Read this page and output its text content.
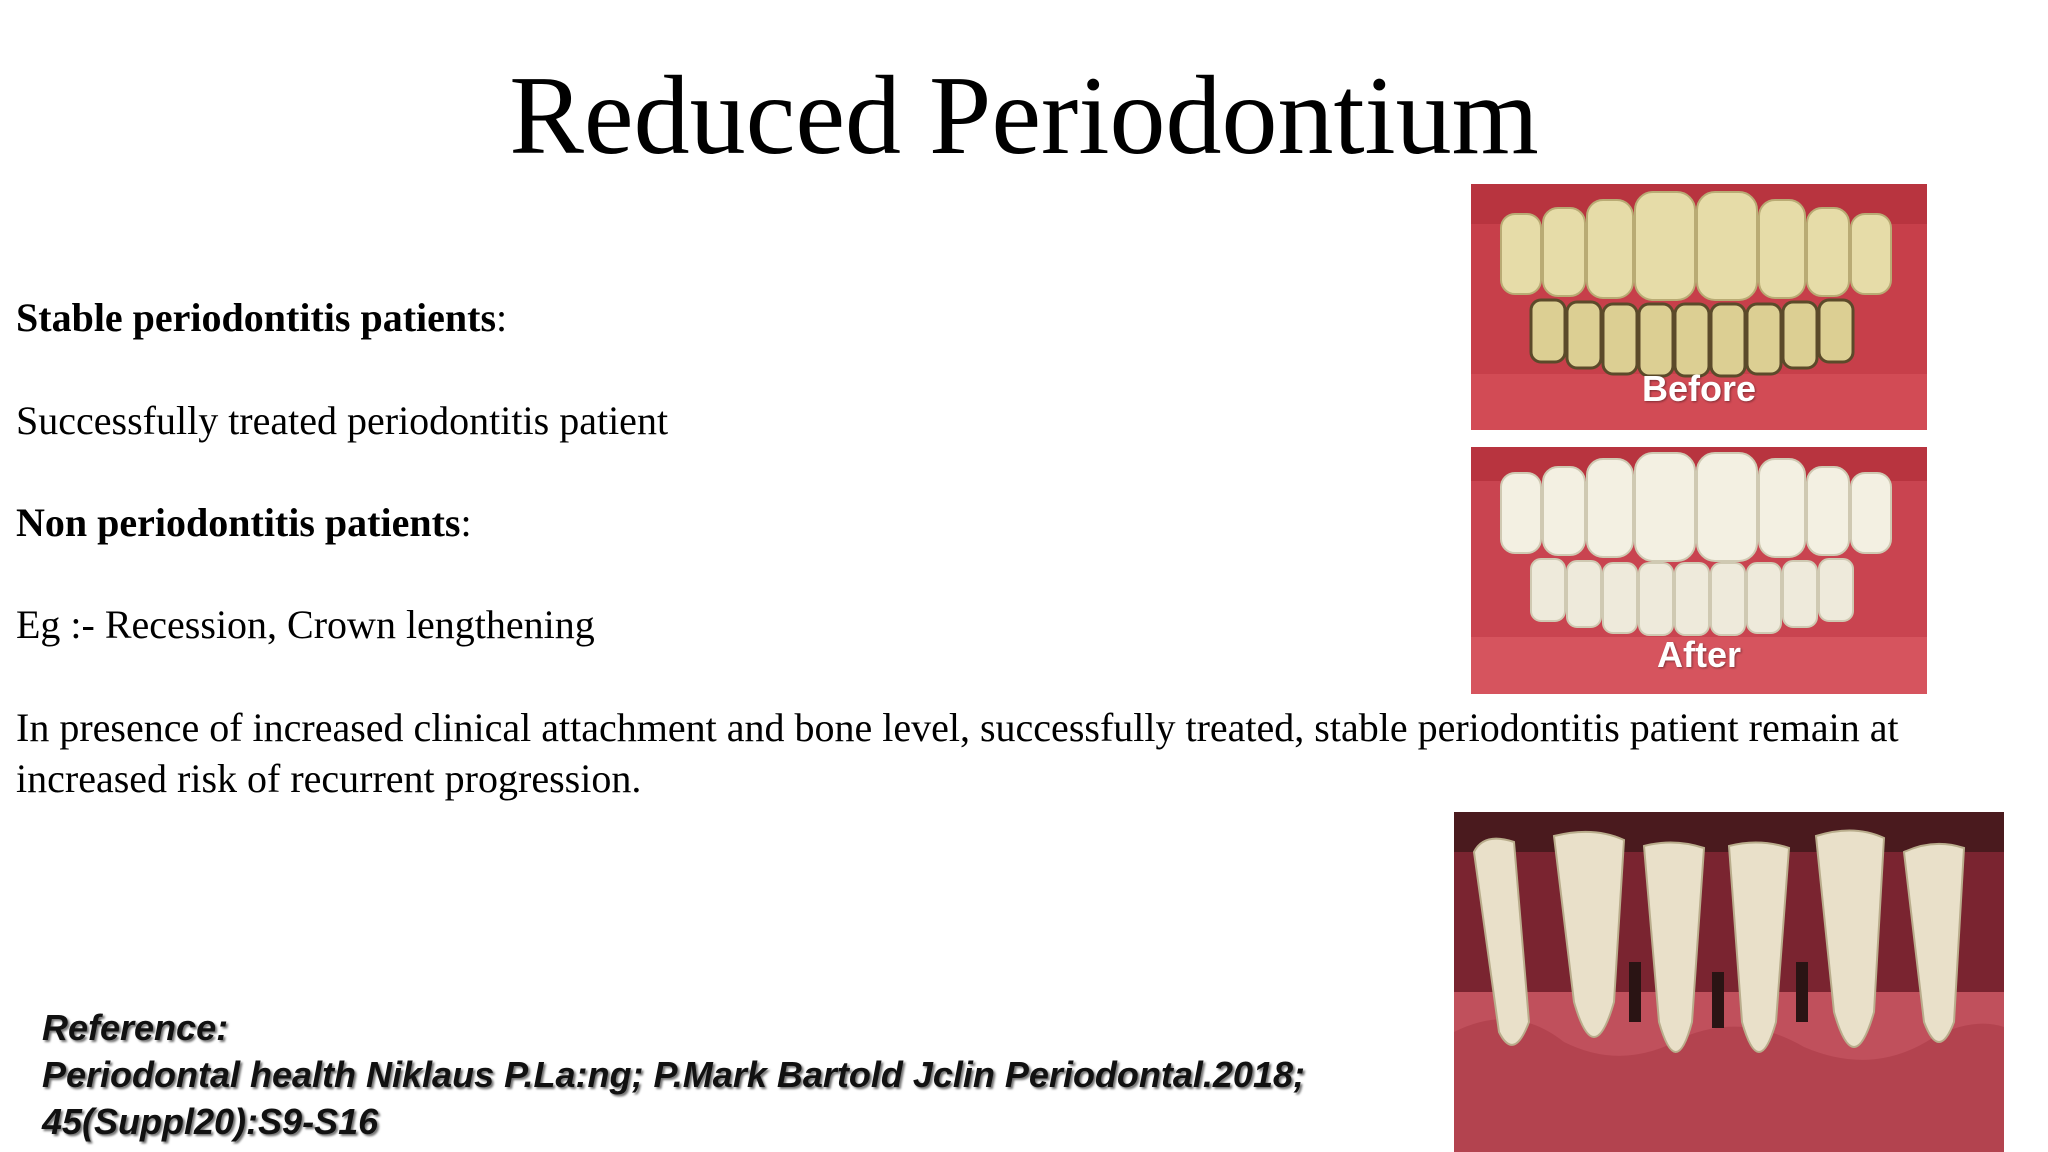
Reduced Periodontium

Stable periodontitis patients:

Successfully treated periodontitis patient

Non periodontitis patients:

Eg :- Recession, Crown lengthening

In presence of increased clinical attachment and bone level, successfully treated, stable periodontitis patient remain at increased risk of recurrent progression.

Before
After
Reference:
Periodontal health Niklaus P.La:ng; P.Mark Bartold Jclin Periodontal.2018;
45(Suppl20):S9-S16
